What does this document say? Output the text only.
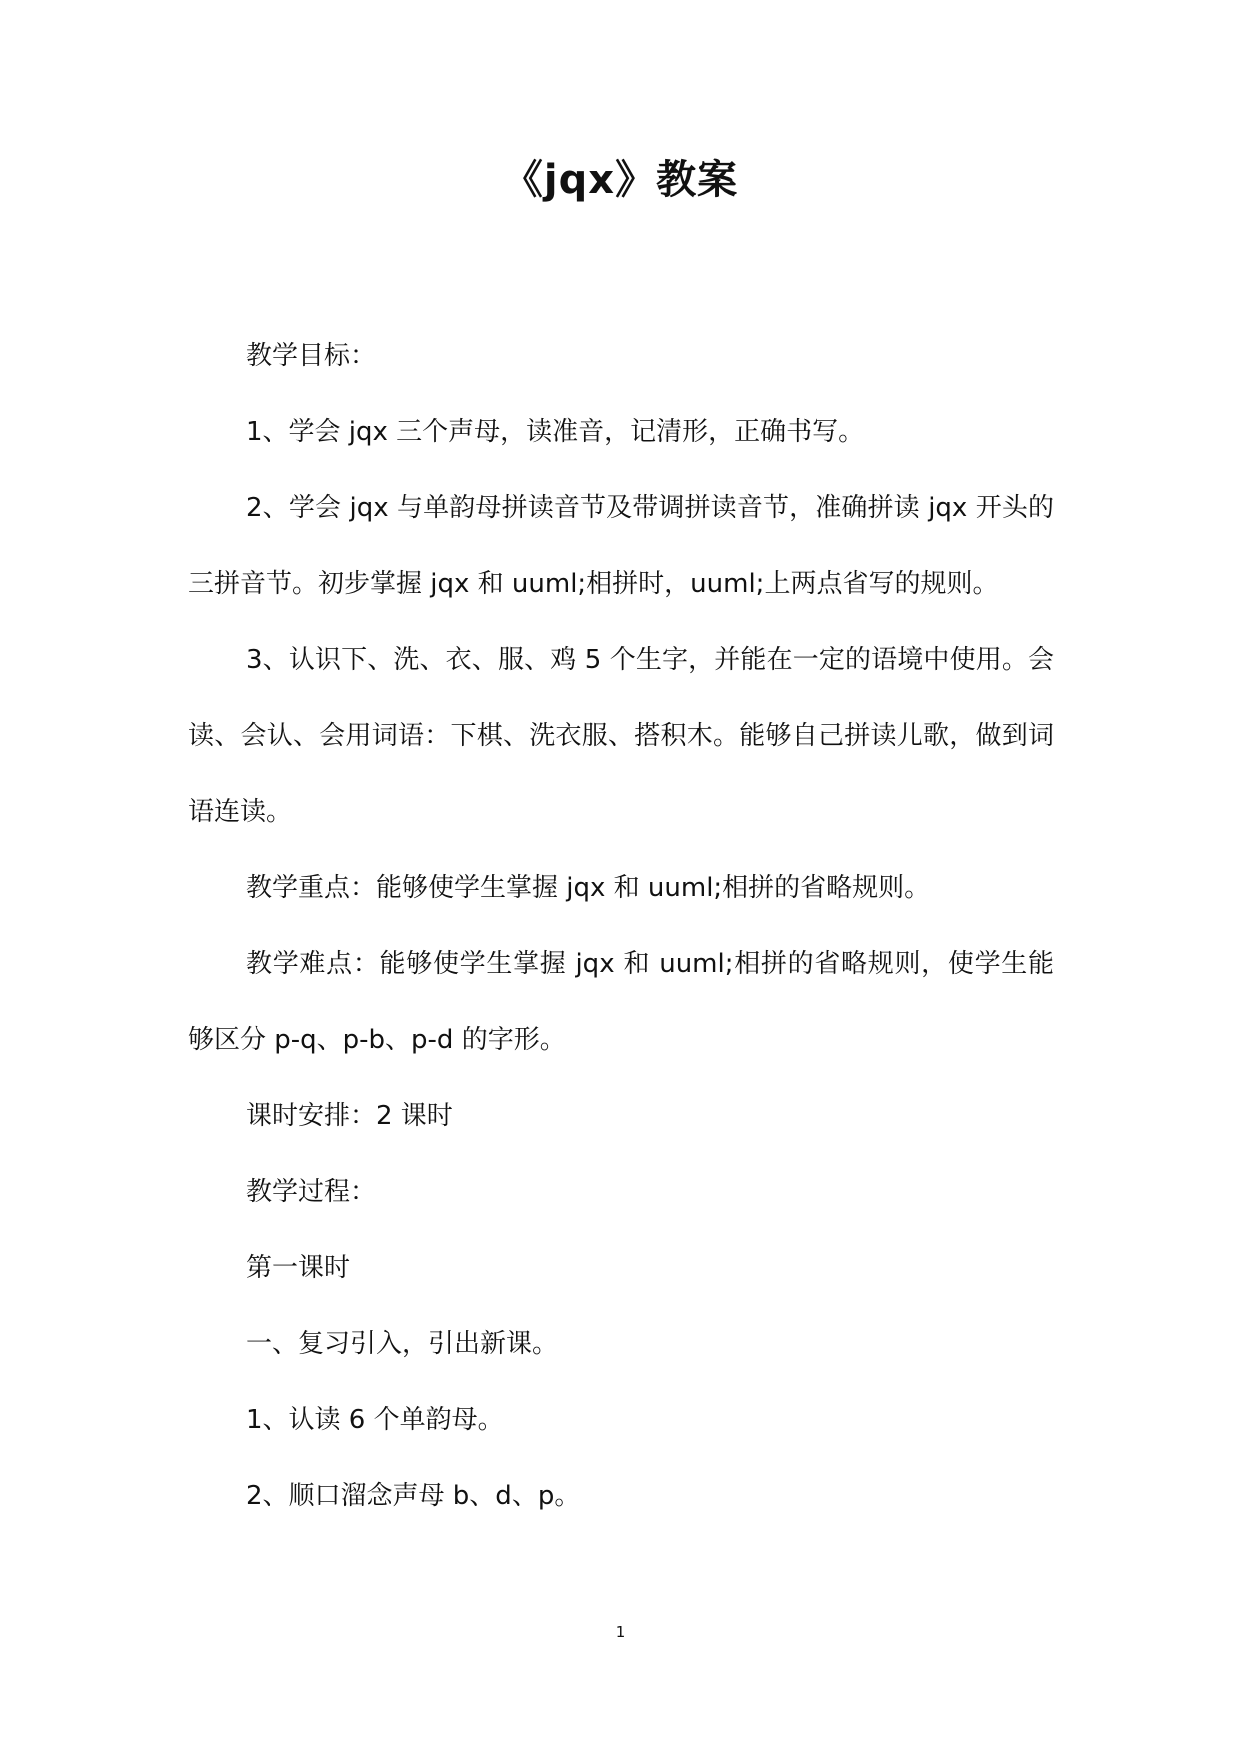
《jqx》教案

教学目标：

1、学会 jqx 三个声母，读准音，记清形，正确书写。

2、学会 jqx 与单韵母拼读音节及带调拼读音节，准确拼读 jqx 开头的三拼音节。初步掌握 jqx 和 uuml;相拼时，uuml;上两点省写的规则。

3、认识下、洗、衣、服、鸡 5 个生字，并能在一定的语境中使用。会读、会认、会用词语：下棋、洗衣服、搭积木。能够自己拼读儿歌，做到词语连读。

教学重点：能够使学生掌握 jqx 和 uuml;相拼的省略规则。

教学难点：能够使学生掌握 jqx 和 uuml;相拼的省略规则，使学生能够区分 p-q、p-b、p-d 的字形。

课时安排：2 课时

教学过程：

第一课时

一、复习引入，引出新课。

1、认读 6 个单韵母。

2、顺口溜念声母 b、d、p。

1
